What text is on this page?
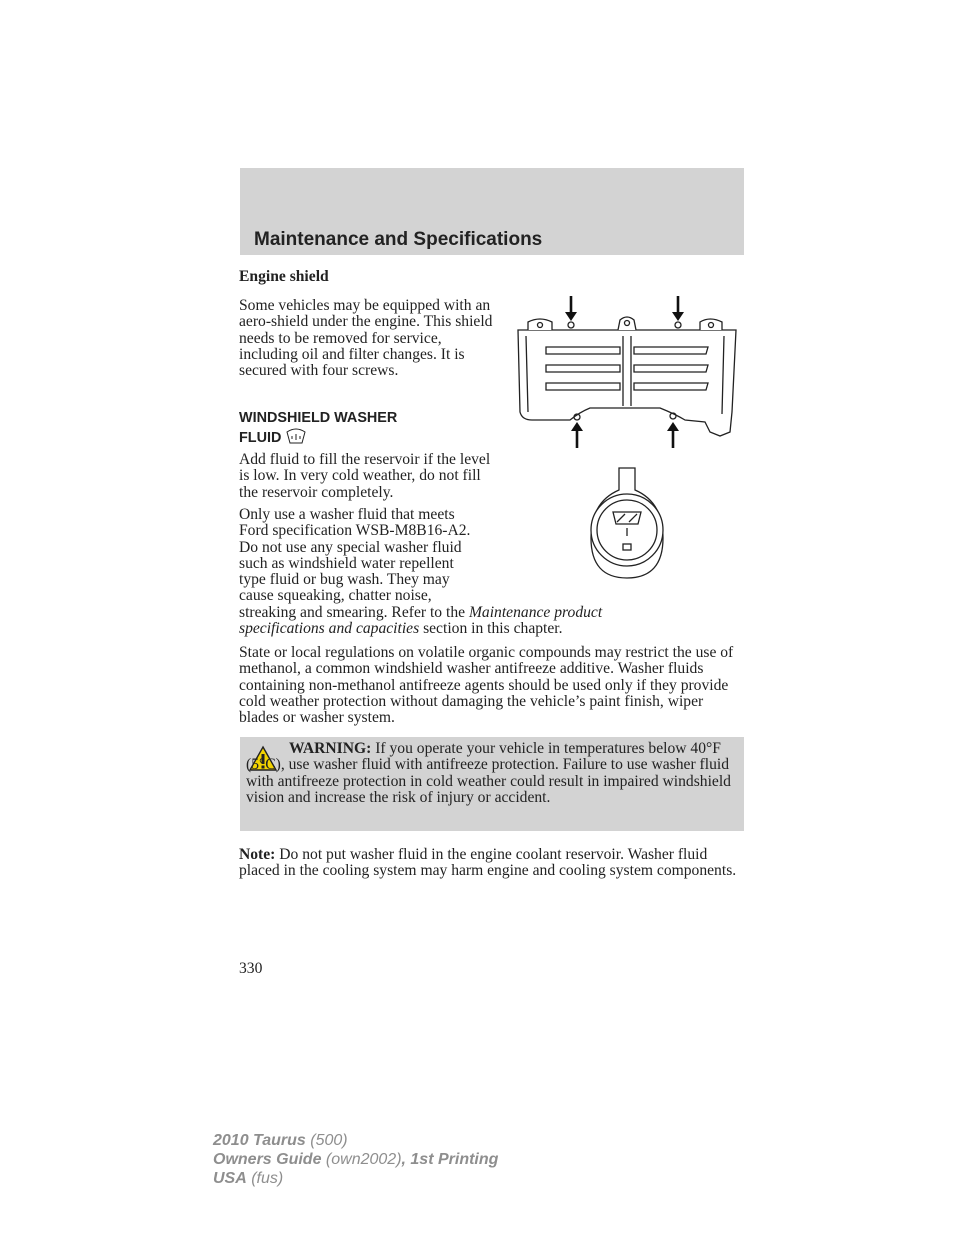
Maintenance and Specifications
Engine shield
Some vehicles may be equipped with an aero-shield under the engine. This shield needs to be removed for service, including oil and filter changes. It is secured with four screws.
WINDSHIELD WASHER
FLUID
Add fluid to fill the reservoir if the level is low. In very cold weather, do not fill the reservoir completely.
Only use a washer fluid that meets
Ford specification WSB-M8B16-A2.
Do not use any special washer fluid
such as windshield water repellent
type fluid or bug wash. They may
cause squeaking, chatter noise,
streaking and smearing. Refer to the Maintenance product
specifications and capacities section in this chapter.
State or local regulations on volatile organic compounds may restrict the use of methanol, a common windshield washer antifreeze additive. Washer fluids containing non-methanol antifreeze agents should be used only if they provide cold weather protection without damaging the vehicle’s paint finish, wiper blades or washer system.
WARNING: If you operate your vehicle in temperatures below 40°F (5°C), use washer fluid with antifreeze protection. Failure to use washer fluid with antifreeze protection in cold weather could result in impaired windshield vision and increase the risk of injury or accident.
Note: Do not put washer fluid in the engine coolant reservoir. Washer fluid placed in the cooling system may harm engine and cooling system components.
330
2010 Taurus (500)
Owners Guide (own2002), 1st Printing
USA (fus)
